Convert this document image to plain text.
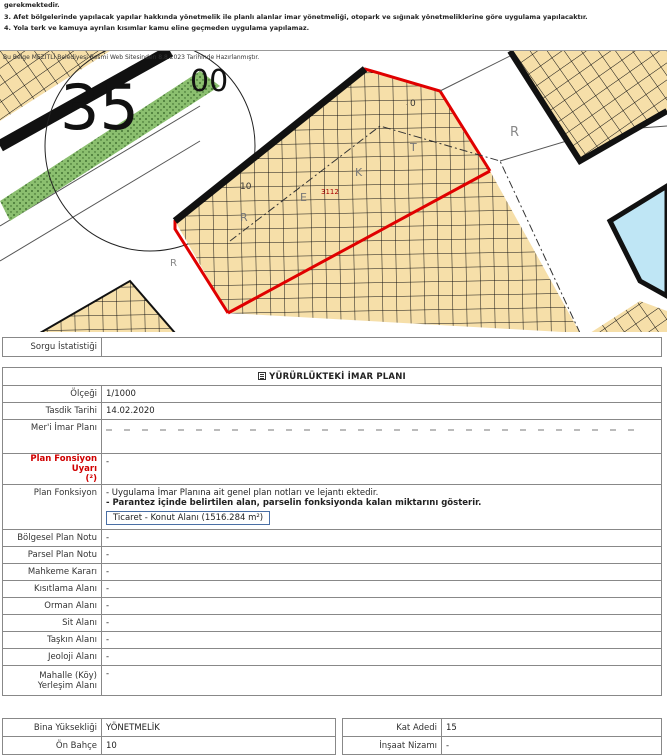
gerekmektedir.
3. Afet bölgelerinde yapılacak yapılar hakkında yönetmelik ile planlı alanlar imar yönetmeliği, otopark ve sığınak yönetmeliklerine göre uygulama yapılacaktır.
4. Yola terk ve kamuya ayrılan kısımlar kamu eline geçmeden uygulama yapılamaz.
Bu Belge MEZİTLİ Belediyesi Resmi Web Sitesinden 8.8.2023 Tarihinde Hazırlanmıştır.
35 00
3112
R
E
K
T
R
R
10
0
Sorgu İstatistiği	
YÜRÜRLÜKTEKİ İMAR PLANI	
Ölçeği	1/1000
Tasdik Tarihi	14.02.2020
Mer'i İmar Planı	
Plan Fonsiyon Uyarı
(²)	-
Plan Fonksiyon	- Uygulama İmar Planına ait genel plan notları ve lejantı ektedir.
- Parantez içinde belirtilen alan, parselin fonksiyonda kalan miktarını gösterir.
Ticaret - Konut Alanı (1516.284 m²)
Bölgesel Plan Notu	-
Parsel Plan Notu	-
Mahkeme Kararı	-
Kısıtlama Alanı	-
Orman Alanı	-
Sit Alanı	-
Taşkın Alanı	-
Jeoloji Alanı	-
Mahalle (Köy) Yerleşim Alanı	-
Bina Yüksekliği	YÖNETMELİK
Ön Bahçe	10
Kat Adedi	15
İnşaat Nizamı	-
